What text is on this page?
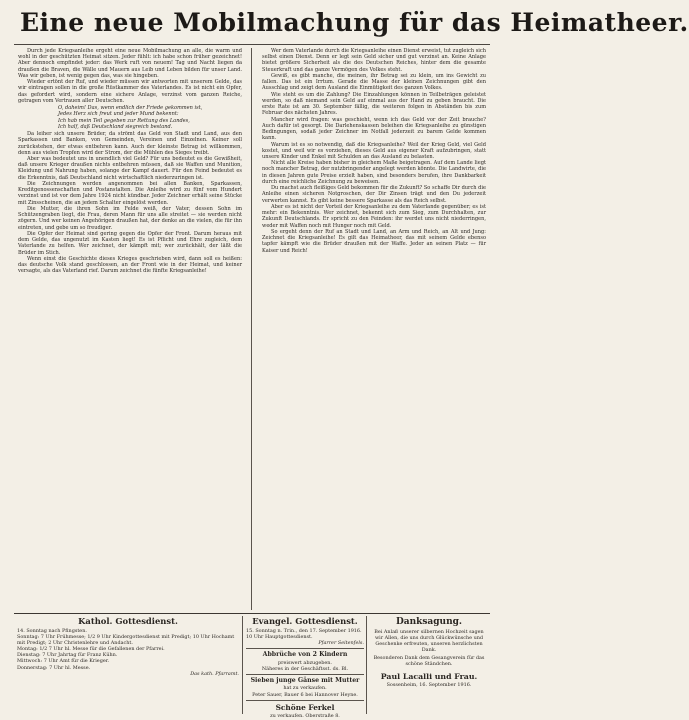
Eine neue Mobilmachung für das Heimatheer.

Durch jede Kriegsanleihe ergeht eine neue Mobilmachung an alle, die warm und wohl in der geschützten Heimat sitzen. Jeder fühlt: ich habe schon früher gezeichnet! Aber dennoch empfindet jeder: das Werk ruft von neuem! Tag und Nacht liegen da draußen die Braven, die Wälle und Mauern aus Leib und Leben bilden für unser Land. Was wir geben, ist wenig gegen das, was sie hingeben.

Wieder ertönt der Ruf, und wieder müssen wir antworten mit unserem Gelde, das wir eintragen sollen in die große Rüstkammer des Vaterlandes. Es ist nicht ein Opfer, das gefordert wird, sondern eine sichere Anlage, verzinst vom ganzen Reiche, getragen vom Vertrauen aller Deutschen.

O, daheim! Das, wenn endlich der Friede gekommen ist,
Jedes Herz sich freut und jeder Mund bekennt:
Ich hab mein Teil gegeben zur Rettung des Landes,
Ich half, daß Deutschland siegreich bestand.

Da leiher sich unsere Brüder, da strömt das Geld von Stadt und Land, aus den Sparkassen und Banken, von Gemeinden, Vereinen und Einzelnen. Keiner soll zurückstehen, der etwas entbehren kann. Auch der kleinste Betrag ist willkommen, denn aus vielen Tropfen wird der Strom, der die Mühlen des Sieges treibt.

Aber was bedeutet uns in unendlich viel Geld? Für uns bedeutet es die Gewißheit, daß unsere Krieger draußen nichts entbehren müssen, daß sie Waffen und Munition, Kleidung und Nahrung haben, solange der Kampf dauert. Für den Feind bedeutet es die Erkenntnis, daß Deutschland nicht wirtschaftlich niederzuringen ist.

Die Zeichnungen werden angenommen bei allen Banken, Sparkassen, Kreditgenossenschaften und Postanstalten. Die Anleihe wird zu fünf vom Hundert verzinst und ist vor dem Jahre 1924 nicht kündbar. Jeder Zeichner erhält seine Stücke mit Zinsscheinen, die an jedem Schalter eingelöst werden.

Die Mutter, die ihren Sohn im Felde weiß, der Vater, dessen Sohn im Schützengraben liegt, die Frau, deren Mann für uns alle streitet — sie werden nicht zögern. Und wer keinen Angehörigen draußen hat, der denke an die vielen, die für ihn eintreten, und gebe um so freudiger.

Die Opfer der Heimat sind gering gegen die Opfer der Front. Darum heraus mit dem Gelde, das ungenutzt im Kasten liegt! Es ist Pflicht und Ehre zugleich, dem Vaterlande zu helfen. Wer zeichnet, der kämpft mit; wer zurückhält, der läßt die Brüder im Stich.

Wenn einst die Geschichte dieses Krieges geschrieben wird, dann soll es heißen: das deutsche Volk stand geschlossen, an der Front wie in der Heimat, und keiner versagte, als das Vaterland rief. Darum zeichnet die fünfte Kriegsanleihe!

Wer dem Vaterlande durch die Kriegsanleihe einen Dienst erweist, tut zugleich sich selbst einen Dienst. Denn er legt sein Geld sicher und gut verzinst an. Keine Anlage bietet größere Sicherheit als die des Deutschen Reiches, hinter dem die gesamte Steuerkraft und das ganze Vermögen des Volkes steht.

Gewiß, es gibt manche, die meinen, ihr Betrag sei zu klein, um ins Gewicht zu fallen. Das ist ein Irrtum. Gerade die Masse der kleinen Zeichnungen gibt den Ausschlag und zeigt dem Ausland die Einmütigkeit des ganzen Volkes.

Wie steht es um die Zahlung? Die Einzahlungen können in Teilbeträgen geleistet werden, so daß niemand sein Geld auf einmal aus der Hand zu geben braucht. Die erste Rate ist am 30. September fällig, die weiteren folgen in Abständen bis zum Februar des nächsten Jahres.

Mancher wird fragen: was geschieht, wenn ich das Geld vor der Zeit brauche? Auch dafür ist gesorgt. Die Darlehenskassen beleihen die Kriegsanleihe zu günstigen Bedingungen, sodaß jeder Zeichner im Notfall jederzeit zu barem Gelde kommen kann.

Warum ist es so notwendig, daß die Kriegsanleihe? Weil der Krieg Geld, viel Geld kostet, und weil wir es vorziehen, dieses Geld aus eigener Kraft aufzubringen, statt unsere Kinder und Enkel mit Schulden an das Ausland zu belasten.

Nicht alle Kreise haben bisher in gleichem Maße beigetragen. Auf dem Lande liegt noch mancher Betrag, der nutzbringender angelegt werden könnte. Die Landwirte, die in diesen Jahren gute Preise erzielt haben, sind besonders berufen, ihre Dankbarkeit durch eine reichliche Zeichnung zu beweisen.

Du machst auch fleißiges Geld bekommen für die Zukunft? So schaffe Dir durch die Anleihe einen sicheren Notgroschen, der Dir Zinsen trägt und den Du jederzeit verwerten kannst. Es gibt keine bessere Sparkasse als das Reich selbst.

Aber es ist nicht der Vorteil der Kriegsanleihe zu dem Vaterlande gegenüber; es ist mehr: ein Bekenntnis. Wer zeichnet, bekennt sich zum Sieg, zum Durchhalten, zur Zukunft Deutschlands. Er spricht zu den Feinden: ihr werdet uns nicht niederringen, weder mit Waffen noch mit Hunger noch mit Geld.

So ergeht denn der Ruf an Stadt und Land, an Arm und Reich, an Alt und Jung: Zeichnet die Kriegsanleihe! Es gilt das Heimatheer, das mit seinem Gelde ebenso tapfer kämpft wie die Brüder draußen mit der Waffe. Jeder an seinen Platz — für Kaiser und Reich!

Kathol. Gottesdienst.
14. Sonntag nach Pfingsten.
Sonntag: 7 Uhr Frühmesse; 1/2 9 Uhr Kindergottesdienst mit Predigt; 10 Uhr Hochamt mit Predigt; 2 Uhr Christenlehre und Andacht.
Montag: 1/2 7 Uhr hl. Messe für die Gefallenen der Pfarrei.
Dienstag: 7 Uhr Jahrtag für Franz Kühn.
Mittwoch: 7 Uhr Amt für die Krieger.
Donnerstag: 7 Uhr hl. Messe.
Das kath. Pfarramt.
Evangel. Gottesdienst.
15. Sonntag n. Trin., den 17. September 1916.
10 Uhr Hauptgottesdienst.
Pfarrer Seitenfels.
Abbrüche von 2 Kindern
preiswert abzugeben.
Näheres in der Geschäftsst. ds. Bl.
Sieben junge Gänse mit Mutter
hat zu verkaufen.
Peter Sauer, Bauer 6 bei Hannover Heyne.
Schöne Ferkel
zu verkaufen. Oberstraße 8.
Danksagung.
Bei Anlaß unserer silbernen Hochzeit sagen wir Allen, die uns durch Glückwünsche und Geschenke erfreuten, unseren herzlichsten Dank.
Besonderen Dank dem Gesangverein für das schöne Ständchen.
Paul Lacalli und Frau.
Sossenheim, 16. September 1916.
